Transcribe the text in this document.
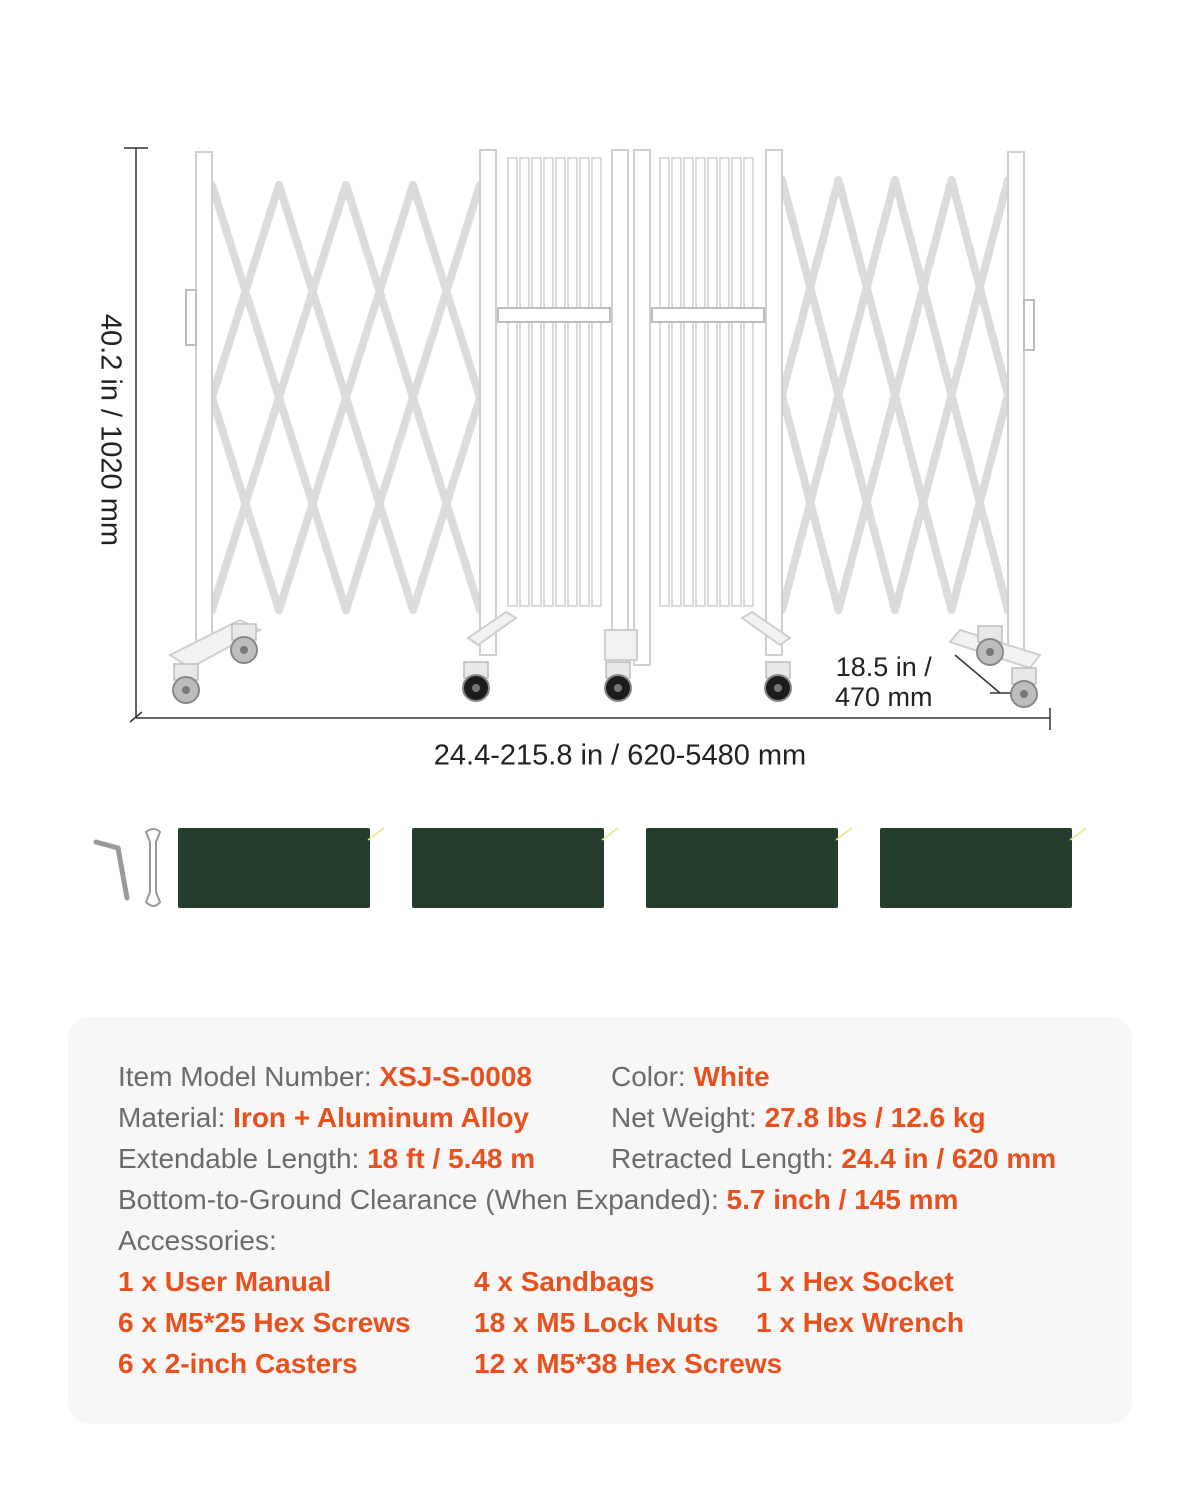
40.2 in / 1020 mm
24.4-215.8 in / 620-5480 mm
18.5 in /
470 mm
Item Model Number: XSJ-S-0008	Color: White
Material: Iron + Aluminum Alloy	Net Weight: 27.8 lbs / 12.6 kg
Extendable Length: 18 ft / 5.48 m	Retracted Length: 24.4 in / 620 mm
Bottom-to-Ground Clearance (When Expanded): 5.7 inch / 145 mm
Accessories:
1 x User Manual	4 x Sandbags	1 x Hex Socket
6 x M5*25 Hex Screws 18 x M5 Lock Nuts 1 x Hex Wrench
6 x 2-inch Casters	12 x M5*38 Hex Screws
